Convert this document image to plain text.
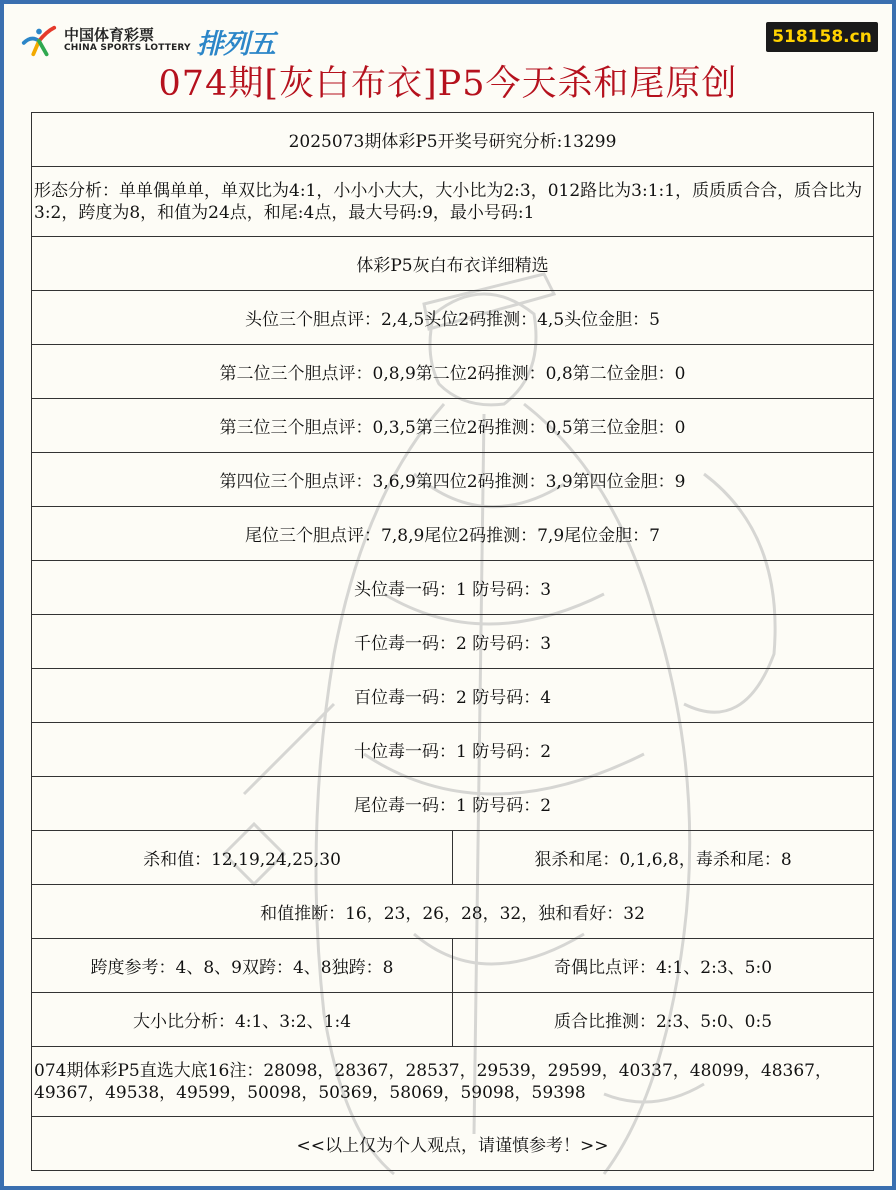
中国体育彩票
CHINA SPORTS LOTTERY 排列五	518158.cn
074期[灰白布衣]P5今天杀和尾原创
2025073期体彩P5开奖号研究分析:13299	
形态分析：单单偶单单，单双比为4:1，小小小大大，大小比为2:3，012路比为3:1:1，质质质合合，质合比为3:2，跨度为8，和值为24点，和尾:4点，最大号码:9，最小号码:1	
体彩P5灰白布衣详细精选	
头位三个胆点评：2,4,5头位2码推测：4,5头位金胆：5	
第二位三个胆点评：0,8,9第二位2码推测：0,8第二位金胆：0	
第三位三个胆点评：0,3,5第三位2码推测：0,5第三位金胆：0	
第四位三个胆点评：3,6,9第四位2码推测：3,9第四位金胆：9	
尾位三个胆点评：7,8,9尾位2码推测：7,9尾位金胆：7	
头位毒一码：1 防号码：3	
千位毒一码：2 防号码：3	
百位毒一码：2 防号码：4	
十位毒一码：1 防号码：2	
尾位毒一码：1 防号码：2	
杀和值：12,19,24,25,30	狠杀和尾：0,1,6,8，毒杀和尾：8
和值推断：16，23，26，28，32，独和看好：32	
跨度参考：4、8、9双跨：4、8独跨：8	奇偶比点评：4:1、2:3、5:0
大小比分析：4:1、3:2、1:4	质合比推测：2:3、5:0、0:5
074期体彩P5直选大底16注：28098，28367，28537，29539，29599，40337，48099，48367，49367，49538，49599，50098，50369，58069，59098，59398	
<<以上仅为个人观点，请谨慎参考！>>	
